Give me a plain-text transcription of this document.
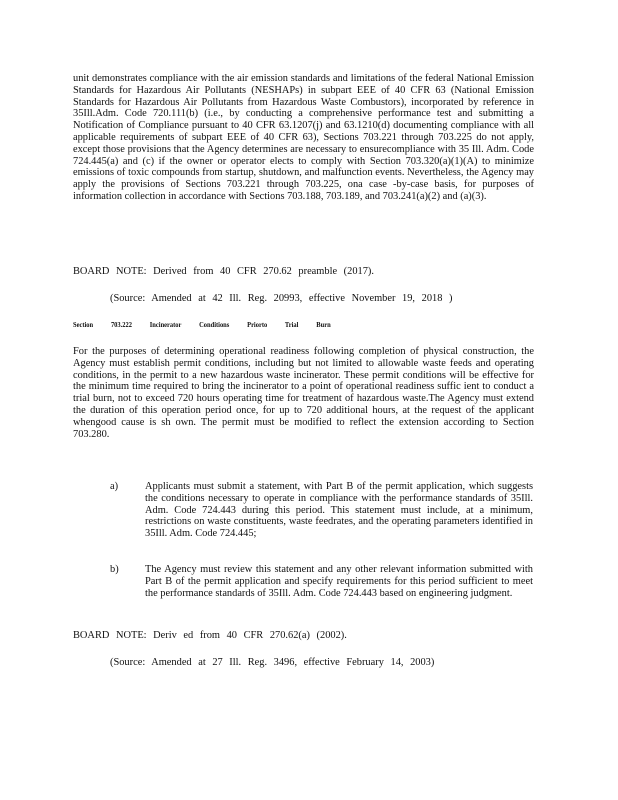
unit demonstrates compliance with the air emission standards and limitations of the federal National Emission Standards for Hazardous Air Pollutants (NESHAPs) in subpart EEE of 40 CFR 63 (National Emission Standards for Hazardous Air Pollutants from Hazardous Waste Combustors), incorporated by reference in 35Ill.Adm. Code 720.111(b) (i.e., by conducting a comprehensive performance test and submitting a Notification of Compliance pursuant to 40 CFR 63.1207(j) and 63.1210(d) documenting compliance with all applicable requirements of subpart EEE of 40 CFR 63), Sections 703.221 through 703.225 do not apply, except those provisions that the Agency determines are necessary to ensurecompliance with 35 Ill. Adm. Code 724.445(a) and (c) if the owner or operator elects to comply with Section 703.320(a)(1)(A) to minimize emissions of toxic compounds from startup, shutdown, and malfunction events. Nevertheless, the Agency may apply the provisions of Sections 703.221 through 703.225, ona case -by-case basis, for purposes of information collection in accordance with Sections 703.188, 703.189, and 703.241(a)(2) and (a)(3).

BOARD NOTE: Derived from 40 CFR 270.62 preamble (2017).
(Source: Amended at 42 Ill. Reg. 20993, effective November 19, 2018 )
Section 703.222 Incinerator Conditions Priorto Trial Burn

For the purposes of determining operational readiness following completion of physical construction, the Agency must establish permit conditions, including but not limited to allowable waste feeds and operating conditions, in the permit to a new hazardous waste incinerator. These permit conditions will be effective for the minimum time required to bring the incinerator to a point of operational readiness suffic ient to conduct a trial burn, not to exceed 720 hours operating time for treatment of hazardous waste.The Agency must extend the duration of this operation period once, for up to 720 additional hours, at the request of the applicant whengood cause is sh own. The permit must be modified to reflect the extension according to Section 703.280.

a)	Applicants must submit a statement, with Part B of the permit application, which suggests the conditions necessary to operate in compliance with the performance standards of 35Ill. Adm. Code 724.443 during this period. This statement must include, at a minimum, restrictions on waste constituents, waste feedrates, and the operating parameters identified in 35Ill. Adm. Code 724.445;
b)	The Agency must review this statement and any other relevant information submitted with Part B of the permit application and specify requirements for this period sufficient to meet the performance standards of 35Ill. Adm. Code 724.443 based on engineering judgment.
BOARD NOTE: Deriv ed from 40 CFR 270.62(a) (2002).
(Source: Amended at 27 Ill. Reg. 3496, effective February 14, 2003)
